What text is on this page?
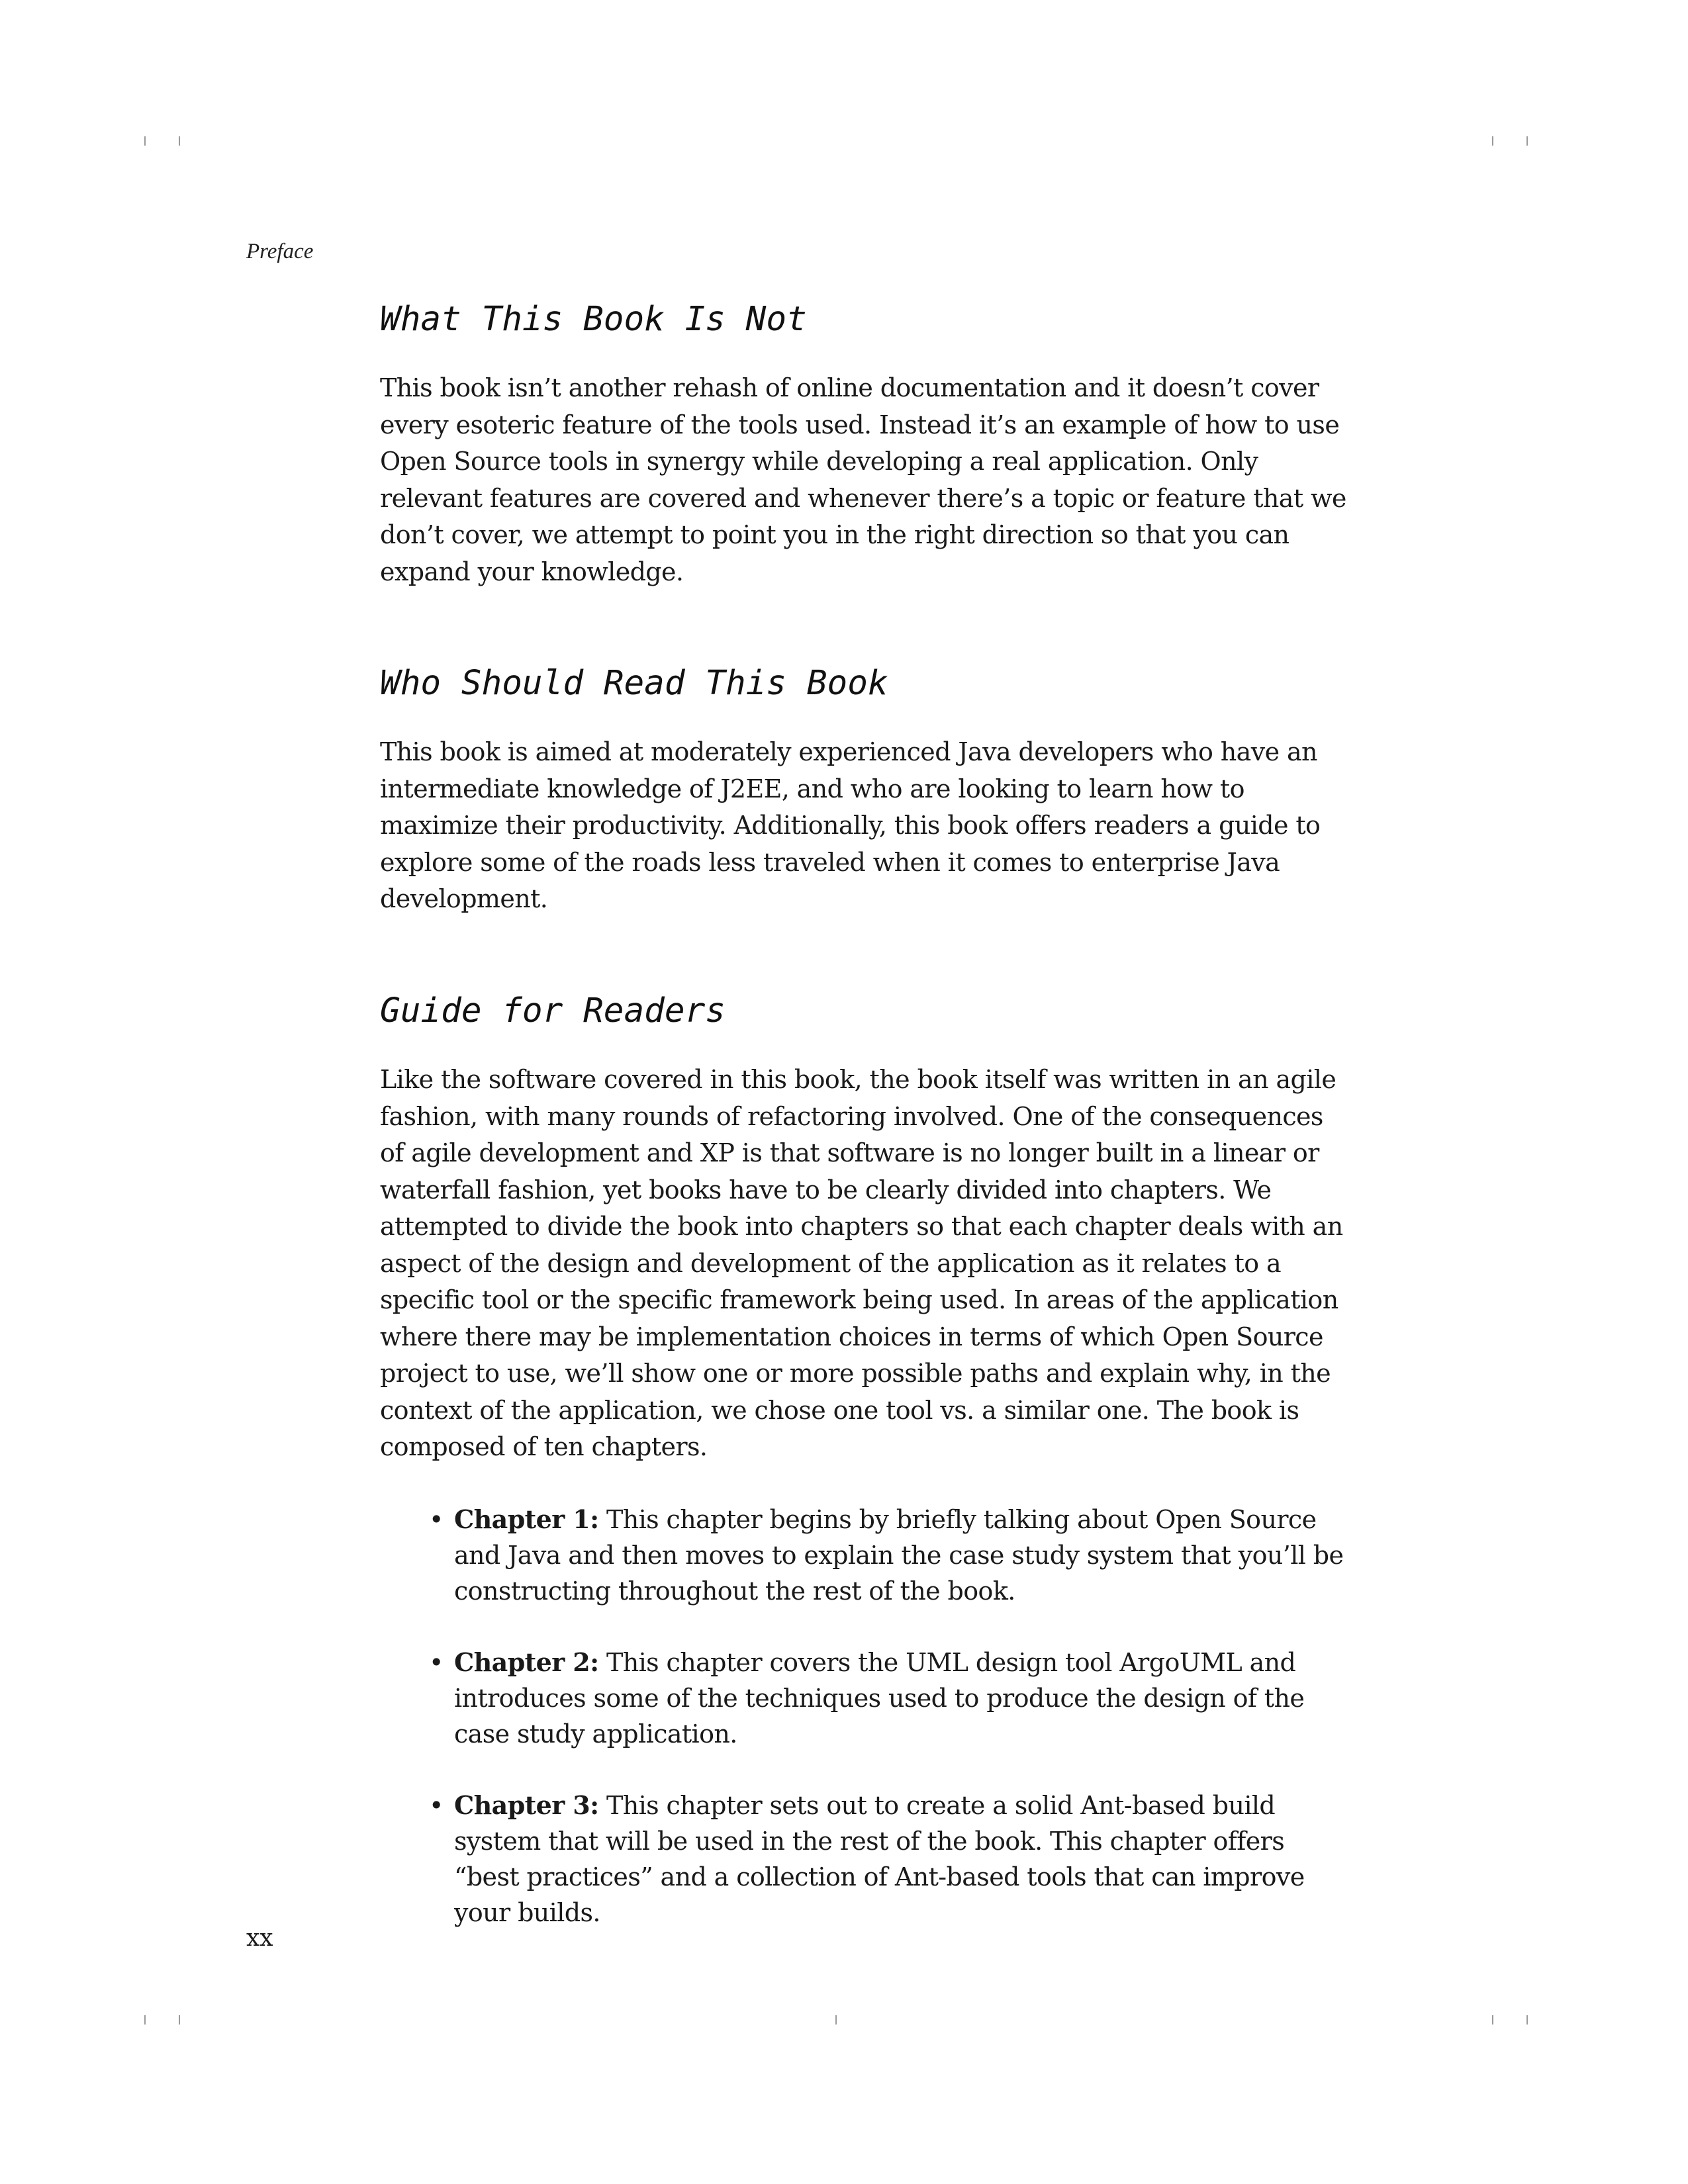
Preface

What This Book Is Not

This book isn’t another rehash of online documentation and it doesn’t cover every esoteric feature of the tools used. Instead it’s an example of how to use Open Source tools in synergy while developing a real application. Only relevant features are covered and whenever there’s a topic or feature that we don’t cover, we attempt to point you in the right direction so that you can expand your knowledge.

Who Should Read This Book

This book is aimed at moderately experienced Java developers who have an intermediate knowledge of J2EE, and who are looking to learn how to maximize their productivity. Additionally, this book offers readers a guide to explore some of the roads less traveled when it comes to enterprise Java development.

Guide for Readers

Like the software covered in this book, the book itself was written in an agile fashion, with many rounds of refactoring involved. One of the consequences of agile development and XP is that software is no longer built in a linear or waterfall fashion, yet books have to be clearly divided into chapters. We attempted to divide the book into chapters so that each chapter deals with an aspect of the design and development of the application as it relates to a specific tool or the specific framework being used. In areas of the application where there may be implementation choices in terms of which Open Source project to use, we’ll show one or more possible paths and explain why, in the context of the application, we chose one tool vs. a similar one. The book is composed of ten chapters.

• Chapter 1: This chapter begins by briefly talking about Open Source and Java and then moves to explain the case study system that you’ll be constructing throughout the rest of the book.
• Chapter 2: This chapter covers the UML design tool ArgoUML and introduces some of the techniques used to produce the design of the case study application.
• Chapter 3: This chapter sets out to create a solid Ant-based build system that will be used in the rest of the book. This chapter offers “best practices” and a collection of Ant-based tools that can improve your builds.

xx
